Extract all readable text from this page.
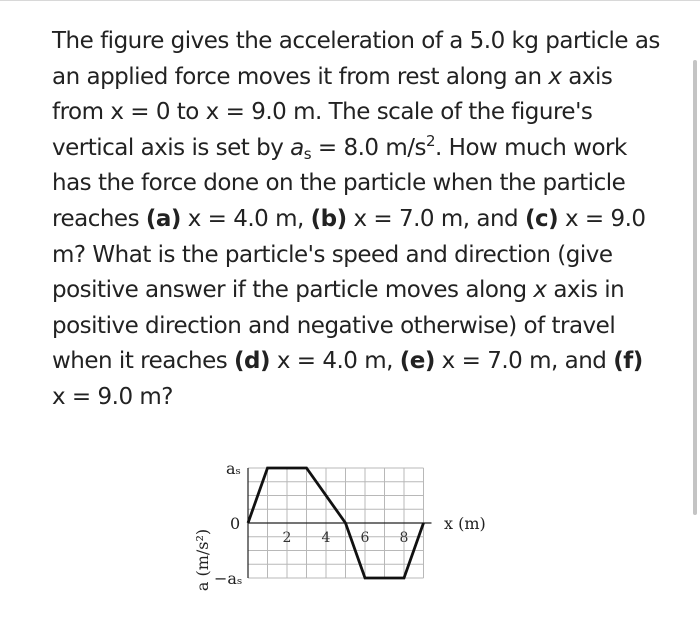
The figure gives the acceleration of a 5.0 kg particle as an applied force moves it from rest along an x axis from x = 0 to x = 9.0 m. The scale of the figure's vertical axis is set by $a_s = 8.0$ $m/s^2$. How much work has the force done on the particle when the particle reaches (a) x = 4.0 m, (b) x = 7.0 m, and (c) x = 9.0 m? What is the particle's speed and direction (give positive answer if the particle moves along x axis in positive direction and negative otherwise) of travel when it reaches (d) x = 4.0 m, (e) x = 7.0 m, and (f) x = 9.0 m?

a (m/s²)
aₛ
0
−aₛ
x (m)
2 4 6 8
